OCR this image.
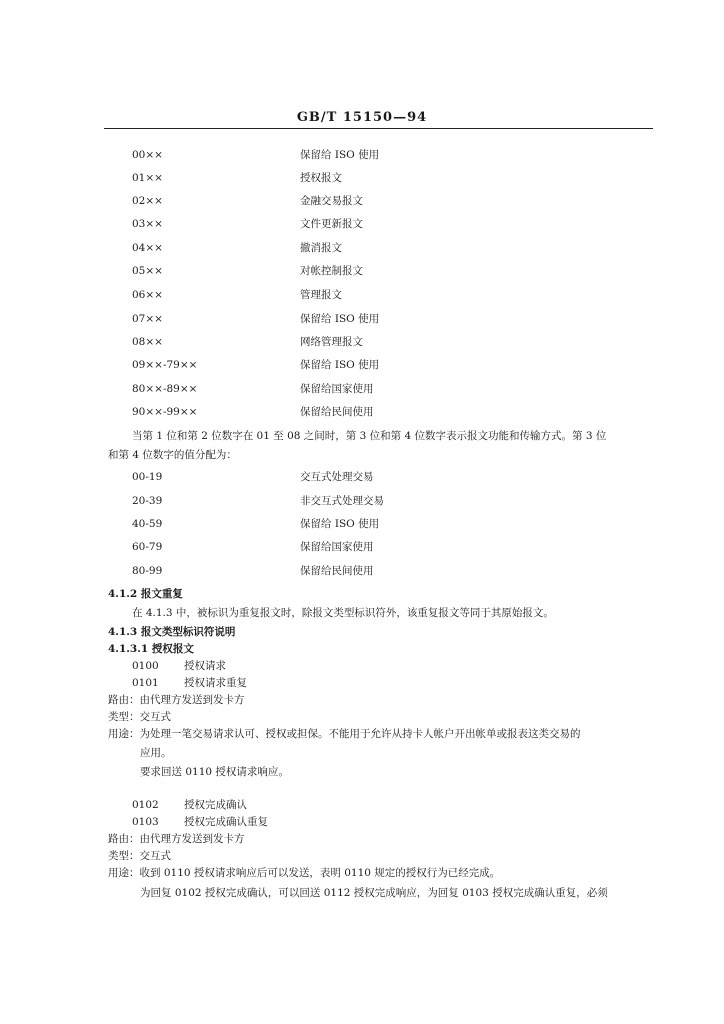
GB/T 15150—94
00××	保留给 ISO 使用
01××	授权报文
02××	金融交易报文
03××	文件更新报文
04××	撤消报文
05××	对帐控制报文
06××	管理报文
07××	保留给 ISO 使用
08××	网络管理报文
09××-79××	保留给 ISO 使用
80××-89××	保留给国家使用
90××-99××	保留给民间使用
当第 1 位和第 2 位数字在 01 至 08 之间时，第 3 位和第 4 位数字表示报文功能和传输方式。第 3 位
和第 4 位数字的值分配为：
00-19	交互式处理交易
20-39	非交互式处理交易
40-59	保留给 ISO 使用
60-79	保留给国家使用
80-99	保留给民间使用
4.1.2 报文重复
在 4.1.3 中，被标识为重复报文时，除报文类型标识符外，该重复报文等同于其原始报文。
4.1.3 报文类型标识符说明
4.1.3.1 授权报文
0100 授权请求
0101 授权请求重复
路由：由代理方发送到发卡方
类型：交互式
用途：为处理一笔交易请求认可、授权或担保。不能用于允许从持卡人帐户开出帐单或报表这类交易的
应用。
要求回送 0110 授权请求响应。
0102 授权完成确认
0103 授权完成确认重复
路由：由代理方发送到发卡方
类型：交互式
用途：收到 0110 授权请求响应后可以发送，表明 0110 规定的授权行为已经完成。
为回复 0102 授权完成确认，可以回送 0112 授权完成响应，为回复 0103 授权完成确认重复，必须
